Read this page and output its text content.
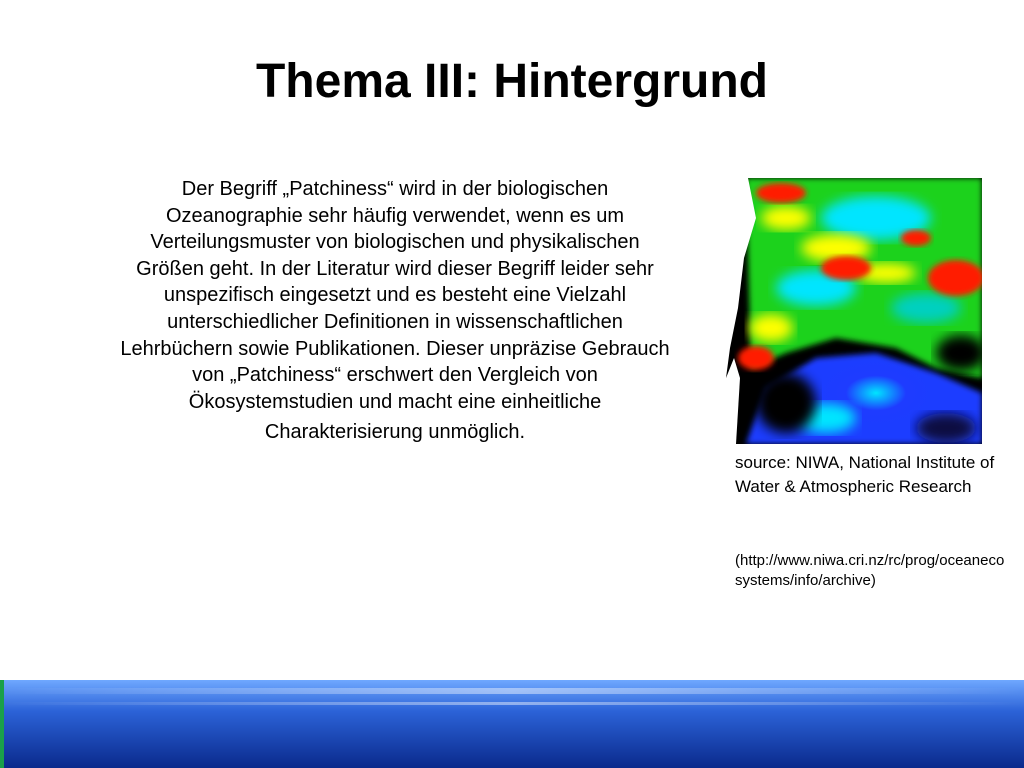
Thema III: Hintergrund

Der Begriff „Patchiness“ wird in der biologischen Ozeanographie sehr häufig verwendet, wenn es um Verteilungsmuster von biologischen und physikalischen Größen geht. In der Literatur wird dieser Begriff leider sehr unspezifisch eingesetzt und es besteht eine Vielzahl unterschiedlicher Definitionen in wissenschaftlichen Lehrbüchern sowie Publikationen. Dieser unpräzise Gebrauch von „Patchiness“ erschwert den Vergleich von Ökosystemstudien und macht eine einheitliche
Charakterisierung unmöglich.

source: NIWA, National Institute of Water & Atmospheric Research

(http://www.niwa.cri.nz/rc/prog/oceanecosystems/info/archive)
